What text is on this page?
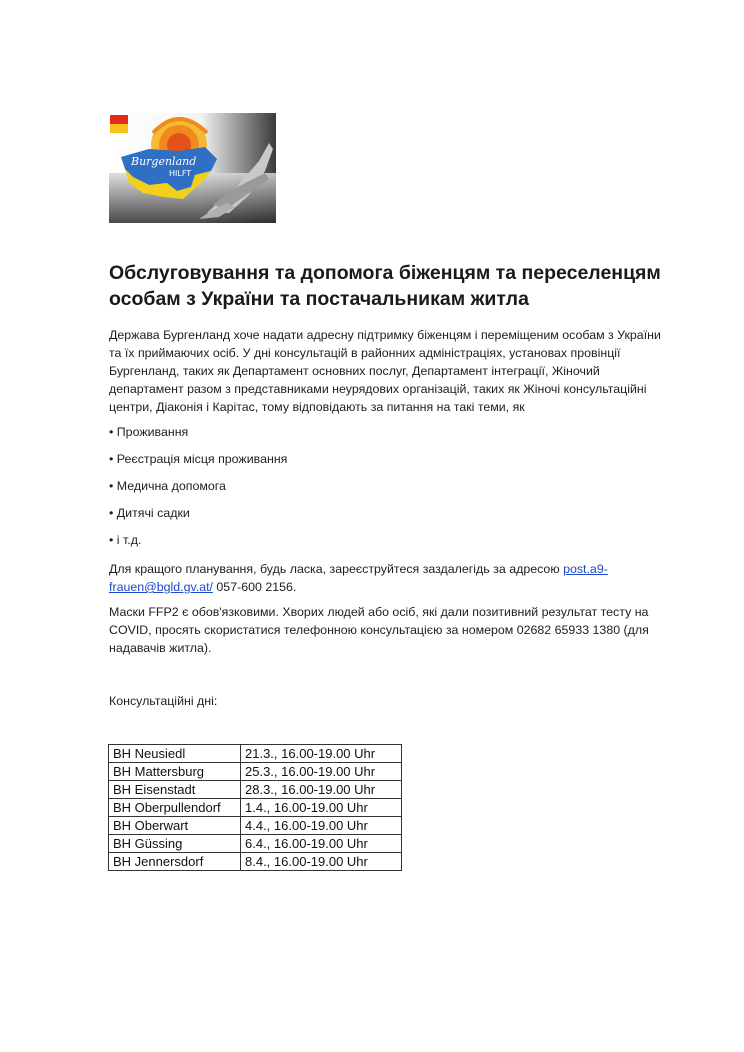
Burgenland
HILFT
Обслуговування та допомога біженцям та переселенцям особам з України та постачальникам житла

Держава Бургенланд хоче надати адресну підтримку біженцям і переміщеним особам з України та їх приймаючих осіб. У дні консультацій в районних адміністраціях, установах провінції Бургенланд, таких як Департамент основних послуг, Департамент інтеграції, Жіночий департамент разом з представниками неурядових організацій, таких як Жіночі консультаційні центри, Діаконія і Карітас, тому відповідають за питання на такі теми, як

• Проживання
• Реєстрація місця проживання
• Медична допомога
• Дитячі садки
• і т.д.

Для кращого планування, будь ласка, зареєструйтеся заздалегідь за адресою post.a9-frauen@bgld.gv.at/ 057-600 2156.

Маски FFP2 є обов'язковими. Хворих людей або осіб, які дали позитивний результат тесту на COVID, просять скористатися телефонною консультацією за номером 02682 65933 1380 (для надавачів житла).

Консультаційні дні:

BH Neusiedl	21.3., 16.00-19.00 Uhr
BH Mattersburg	25.3., 16.00-19.00 Uhr
BH Eisenstadt	28.3., 16.00-19.00 Uhr
BH Oberpullendorf	1.4., 16.00-19.00 Uhr
BH Oberwart	4.4., 16.00-19.00 Uhr
BH Güssing	6.4., 16.00-19.00 Uhr
BH Jennersdorf	8.4., 16.00-19.00 Uhr
